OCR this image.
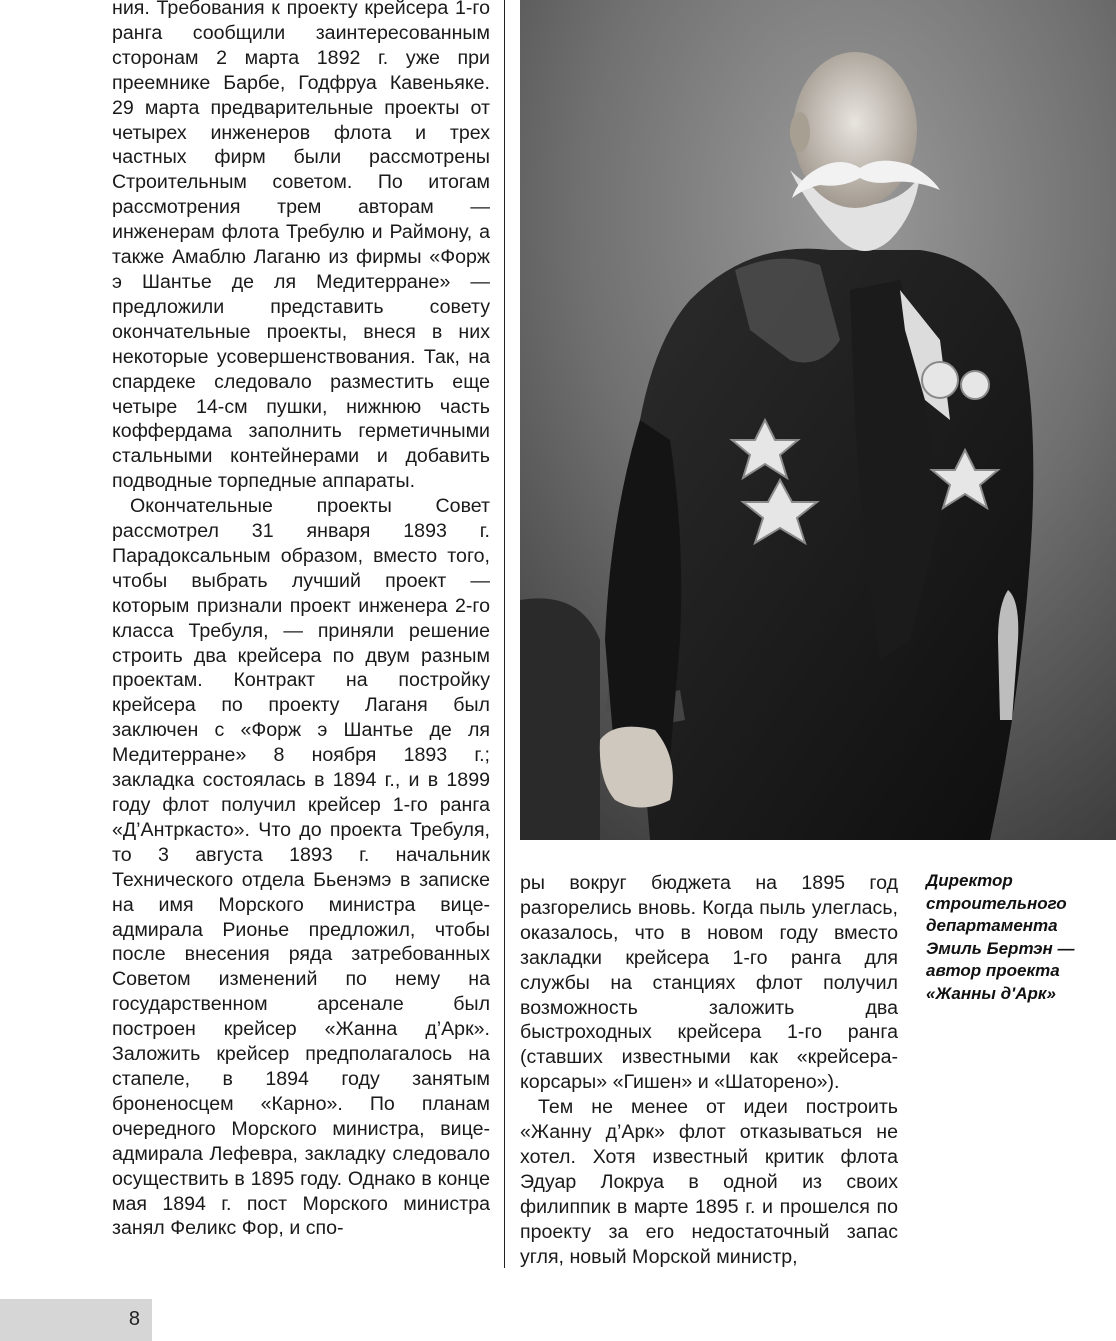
ния. Требования к проекту крейсера 1-го ранга сообщили заинтересованным сторонам 2 марта 1892 г. уже при преемнике Барбе, Годфруа Кавеньяке. 29 марта предварительные проекты от четырех инженеров флота и трех частных фирм были рассмотрены Строительным советом. По итогам рассмотрения трем авторам — инженерам флота Требулю и Раймону, а также Амаблю Лаганю из фирмы «Форж э Шантье де ля Медитерране» — предложили представить совету окончательные проекты, внеся в них некоторые усовершенствования. Так, на спардеке следовало разместить еще четыре 14-см пушки, нижнюю часть коффердама заполнить герметичными стальными контейнерами и добавить подводные торпедные аппараты.

Окончательные проекты Совет рассмотрел 31 января 1893 г. Парадоксальным образом, вместо того, чтобы выбрать лучший проект — которым признали проект инженера 2-го класса Требуля, — приняли решение строить два крейсера по двум разным проектам. Контракт на постройку крейсера по проекту Лаганя был заключен с «Форж э Шантье де ля Медитерране» 8 ноября 1893 г.; закладка состоялась в 1894 г., и в 1899 году флот получил крейсер 1-го ранга «Д’Антркасто». Что до проекта Требуля, то 3 августа 1893 г. начальник Технического отдела Бьенэмэ в записке на имя Морского министра вице-адмирала Рионье предложил, чтобы после внесения ряда затребованных Советом изменений по нему на государственном арсенале был построен крейсер «Жанна д’Арк». Заложить крейсер предполагалось на стапеле, в 1894 году занятым броненосцем «Карно». По планам очередного Морского министра, вице-адмирала Лефевра, закладку следовало осуществить в 1895 году. Однако в конце мая 1894 г. пост Морского министра занял Феликс Фор, и спо-

ры вокруг бюджета на 1895 год разгорелись вновь. Когда пыль улеглась, оказалось, что в новом году вместо закладки крейсера 1-го ранга для службы на станциях флот получил возможность заложить два быстроходных крейсера 1-го ранга (ставших известными как «крейсера-корсары» «Гишен» и «Шаторено»).

Тем не менее от идеи построить «Жанну д’Арк» флот отказываться не хотел. Хотя известный критик флота Эдуар Локруа в одной из своих филиппик в марте 1895 г. и прошелся по проекту за его недостаточный запас угля, новый Морской министр,

Директор
строительного
департамента
Эмиль Бертэн —
автор проекта
«Жанны д'Арк»
8
